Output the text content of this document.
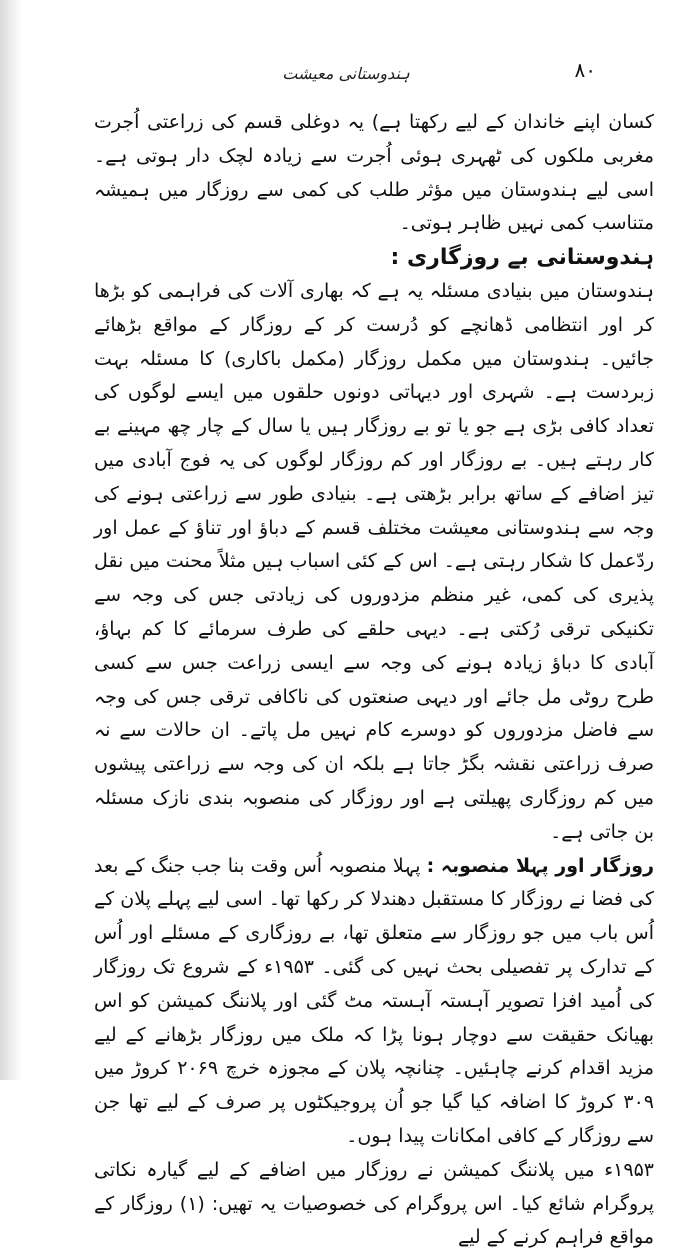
۸۰
ہندوستانی معیشت

کسان اپنے خاندان کے لیے رکھتا ہے) یہ دوغلی قسم کی زراعتی اُجرت مغربی ملکوں کی ٹھہری ہوئی اُجرت سے زیادہ لچک دار ہوتی ہے۔ اسی لیے ہندوستان میں مؤثر طلب کی کمی سے روزگار میں ہمیشہ متناسب کمی نہیں ظاہر ہوتی۔

ہندوستانی بے روزگاری :

ہندوستان میں بنیادی مسئلہ یہ ہے کہ بھاری آلات کی فراہمی کو بڑھا کر اور انتظامی ڈھانچے کو دُرست کر کے روزگار کے مواقع بڑھائے جائیں۔ ہندوستان میں مکمل روزگار (مکمل باکاری) کا مسئلہ بہت زبردست ہے۔ شہری اور دیہاتی دونوں حلقوں میں ایسے لوگوں کی تعداد کافی بڑی ہے جو یا تو بے روزگار ہیں یا سال کے چار چھ مہینے بے کار رہتے ہیں۔ بے روزگار اور کم روزگار لوگوں کی یہ فوج آبادی میں تیز اضافے کے ساتھ برابر بڑھتی ہے۔ بنیادی طور سے زراعتی ہونے کی وجہ سے ہندوستانی معیشت مختلف قسم کے دباؤ اور تناؤ کے عمل اور ردّعمل کا شکار رہتی ہے۔ اس کے کئی اسباب ہیں مثلاً محنت میں نقل پذیری کی کمی، غیر منظم مزدوروں کی زیادتی جس کی وجہ سے تکنیکی ترقی رُکتی ہے۔ دیہی حلقے کی طرف سرمائے کا کم بہاؤ، آبادی کا دباؤ زیادہ ہونے کی وجہ سے ایسی زراعت جس سے کسی طرح روٹی مل جائے اور دیہی صنعتوں کی ناکافی ترقی جس کی وجہ سے فاضل مزدوروں کو دوسرے کام نہیں مل پاتے۔ ان حالات سے نہ صرف زراعتی نقشہ بگڑ جاتا ہے بلکہ ان کی وجہ سے زراعتی پیشوں میں کم روزگاری پھیلتی ہے اور روزگار کی منصوبہ بندی نازک مسئلہ بن جاتی ہے۔

روزگار اور پہلا منصوبہ : پہلا منصوبہ اُس وقت بنا جب جنگ کے بعد کی فضا نے روزگار کا مستقبل دھندلا کر رکھا تھا۔ اسی لیے پہلے پلان کے اُس باب میں جو روزگار سے متعلق تھا، بے روزگاری کے مسئلے اور اُس کے تدارک پر تفصیلی بحث نہیں کی گئی۔ ۱۹۵۳ء کے شروع تک روزگار کی اُمید افزا تصویر آہستہ آہستہ مٹ گئی اور پلاننگ کمیشن کو اس بھیانک حقیقت سے دوچار ہونا پڑا کہ ملک میں روزگار بڑھانے کے لیے مزید اقدام کرنے چاہئیں۔ چنانچہ پلان کے مجوزہ خرچ ۲۰۶۹ کروڑ میں ۳۰۹ کروڑ کا اضافہ کیا گیا جو اُن پروجیکٹوں پر صرف کے لیے تھا جن سے روزگار کے کافی امکانات پیدا ہوں۔

۱۹۵۳ء میں پلاننگ کمیشن نے روزگار میں اضافے کے لیے گیارہ نکاتی پروگرام شائع کیا۔ اس پروگرام کی خصوصیات یہ تھیں: (۱) روزگار کے مواقع فراہم کرنے کے لیے
